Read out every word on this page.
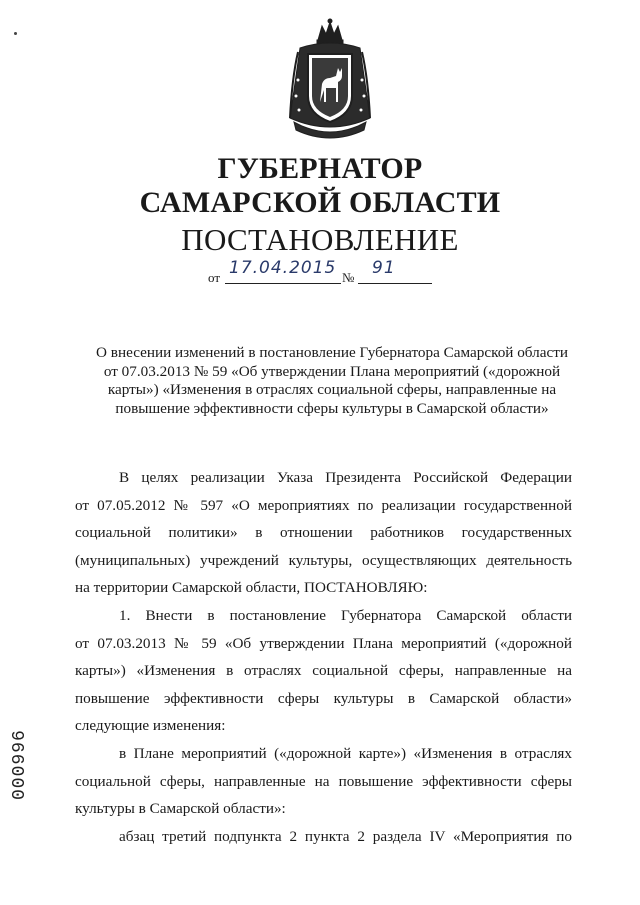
ГУБЕРНАТОР
САМАРСКОЙ ОБЛАСТИ
ПОСТАНОВЛЕНИЕ
от 17.04.2015 № 91
О внесении изменений в постановление Губернатора Самарской области
от 07.03.2013 № 59 «Об утверждении Плана мероприятий («дорожной
карты») «Изменения в отраслях социальной сферы, направленные на
повышение эффективности сферы культуры в Самарской области»
В целях реализации Указа Президента Российской Федерации
от 07.05.2012 № 597 «О мероприятиях по реализации государственной
социальной политики» в отношении работников государственных
(муниципальных) учреждений культуры, осуществляющих деятельность
на территории Самарской области, ПОСТАНОВЛЯЮ:
1. Внести в постановление Губернатора Самарской области
от 07.03.2013 № 59 «Об утверждении Плана мероприятий («дорожной
карты») «Изменения в отраслях социальной сферы, направленные на
повышение эффективности сферы культуры в Самарской области»
следующие изменения:
в Плане мероприятий («дорожной карте») «Изменения в отраслях
социальной сферы, направленные на повышение эффективности сферы
культуры в Самарской области»:
абзац третий подпункта 2 пункта 2 раздела IV «Мероприятия по
000996
